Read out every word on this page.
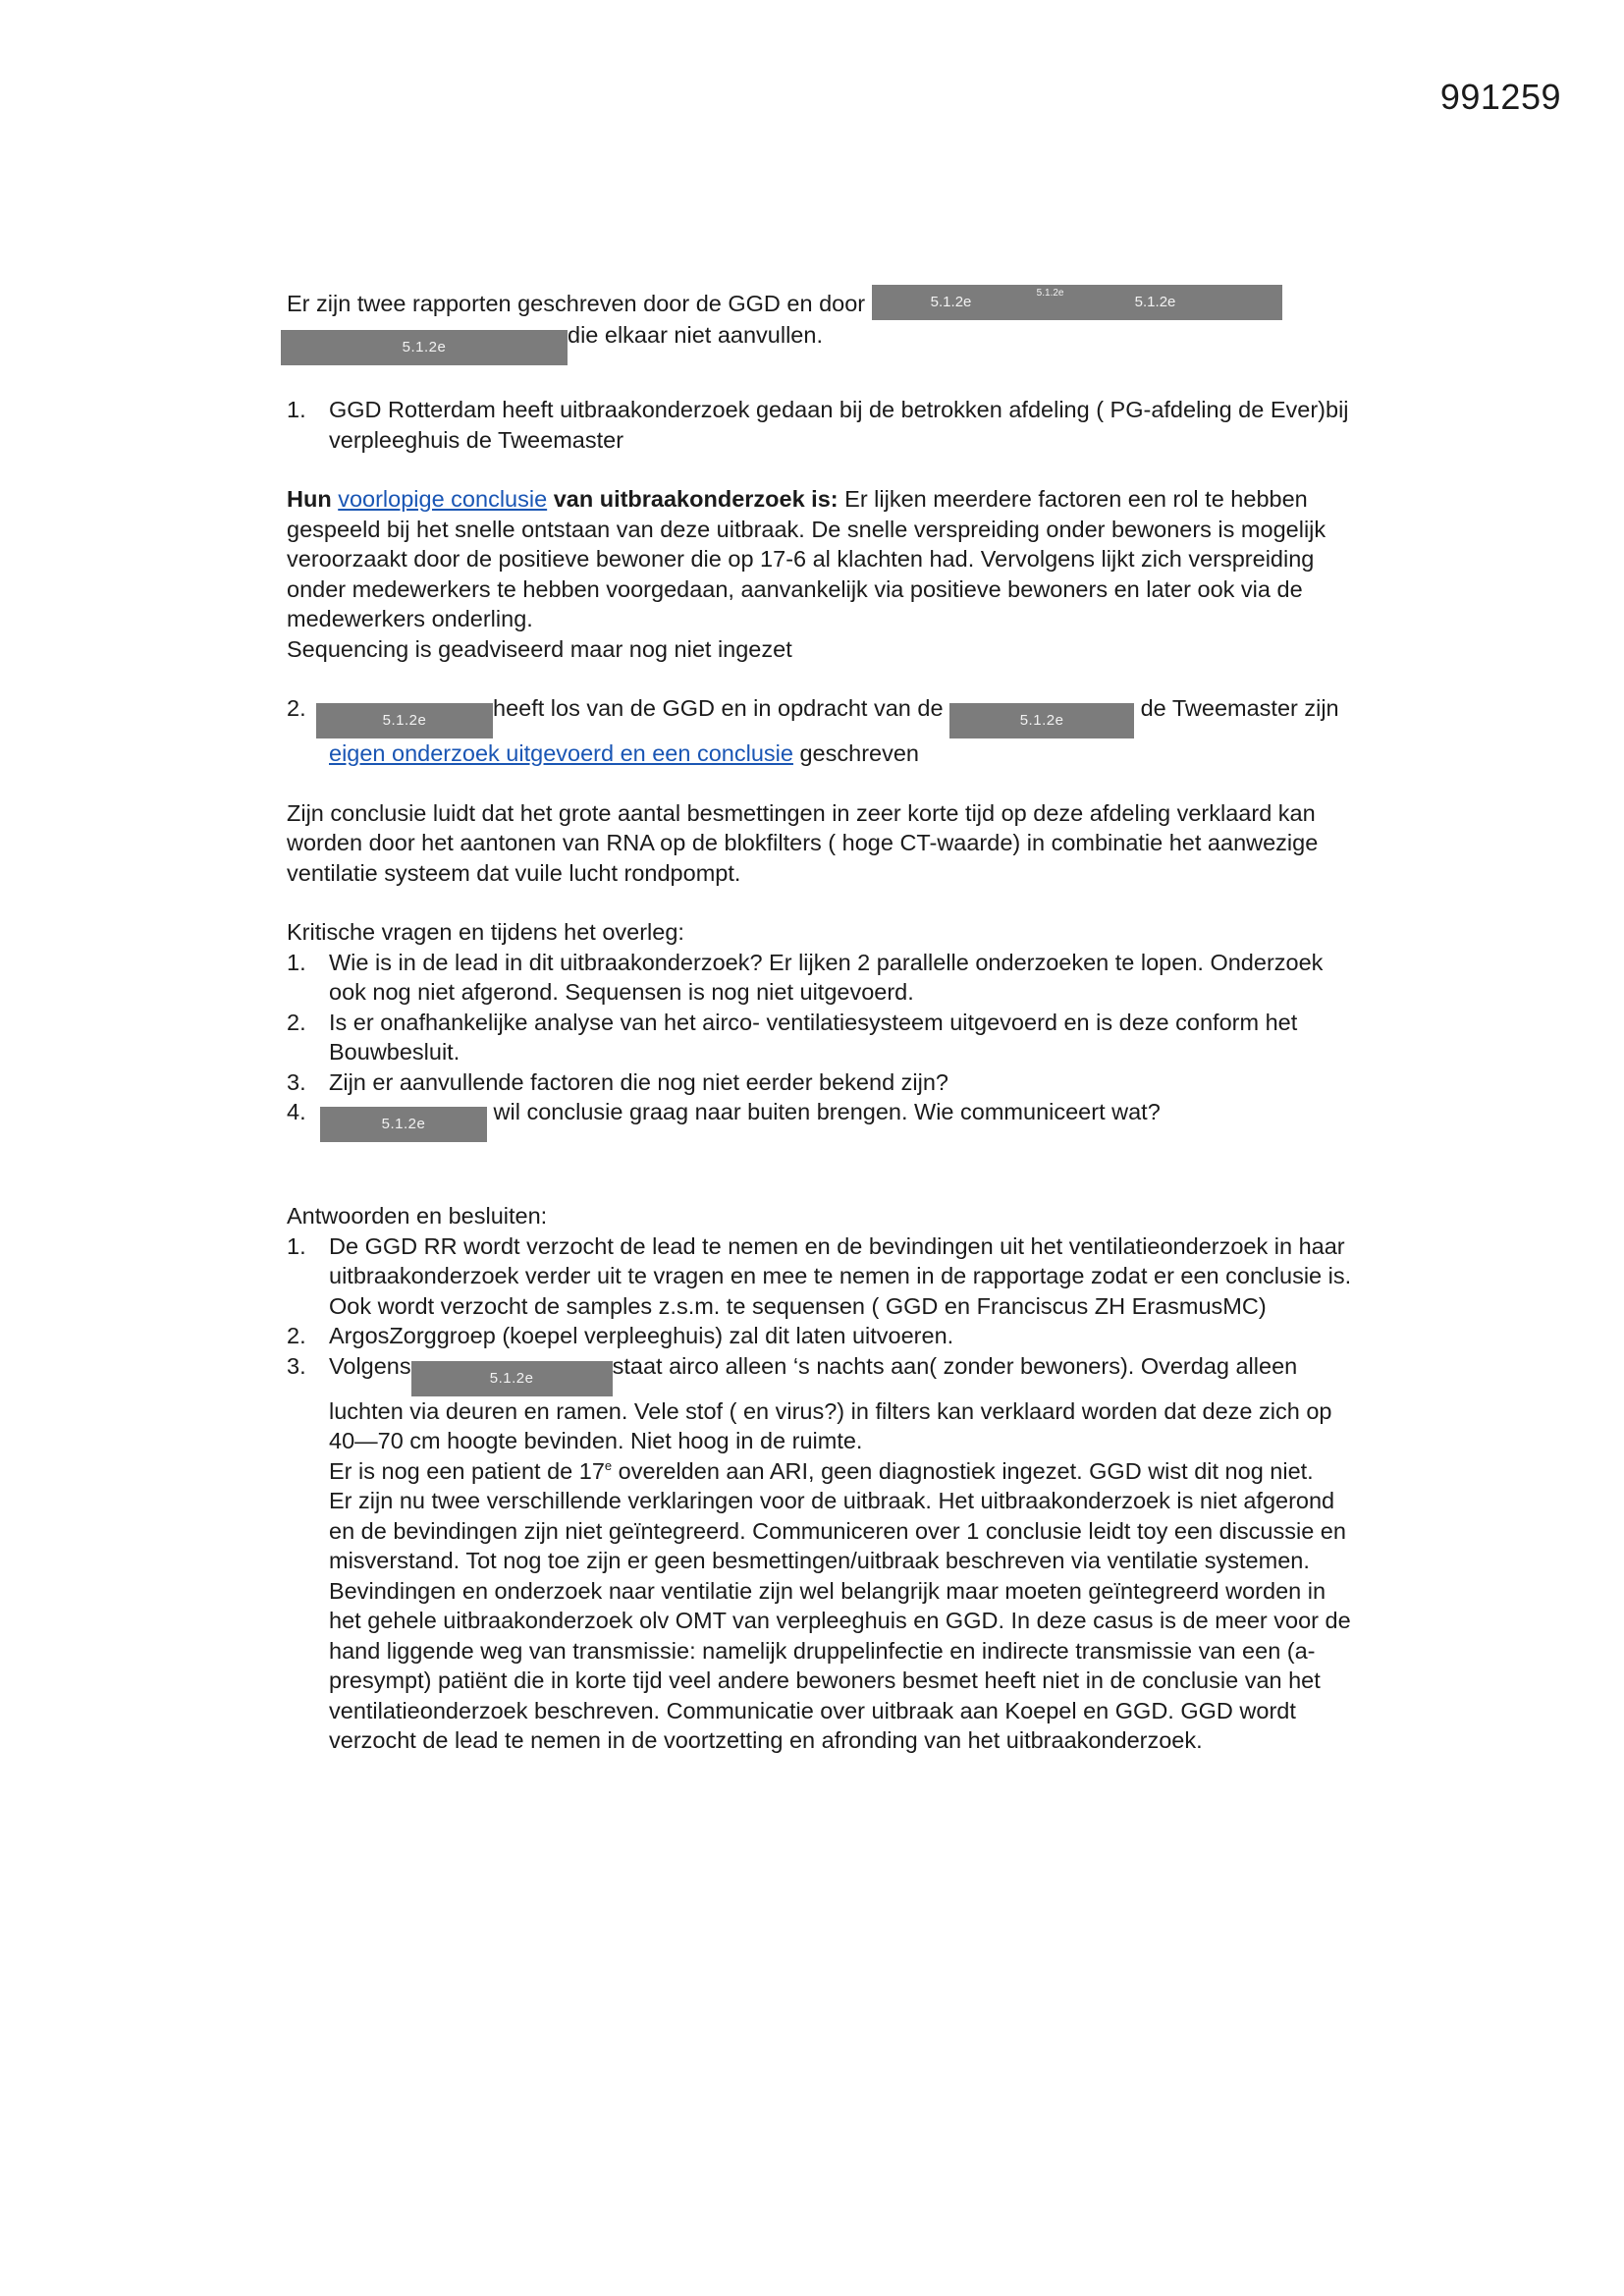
991259

Er zijn twee rapporten geschreven door de GGD en door	5.1.2e
5.1.2e
5.1.2e

5.1.2e	die elkaar niet aanvullen.

1. GGD Rotterdam heeft uitbraakonderzoek gedaan bij de betrokken afdeling ( PG-afdeling de Ever)bij verpleeghuis de Tweemaster

Hun voorlopige conclusie van uitbraakonderzoek is: Er lijken meerdere factoren een rol te hebben gespeeld bij het snelle ontstaan van deze uitbraak. De snelle verspreiding onder bewoners is mogelijk veroorzaakt door de positieve bewoner die op 17-6 al klachten had. Vervolgens lijkt zich verspreiding onder medewerkers te hebben voorgedaan, aanvankelijk via positieve bewoners en later ook via de medewerkers onderling.
Sequencing is geadviseerd maar nog niet ingezet

2.	5.1.2e	heeft los van de GGD en in opdracht van de	5.1.2e	de Tweemaster zijn eigen onderzoek uitgevoerd en een conclusie geschreven

Zijn conclusie luidt dat het grote aantal besmettingen in zeer korte tijd op deze afdeling verklaard kan worden door het aantonen van RNA op de blokfilters ( hoge CT-waarde) in combinatie het aanwezige ventilatie systeem dat vuile lucht rondpompt.

Kritische vragen en tijdens het overleg:

1. Wie is in de lead in dit uitbraakonderzoek? Er lijken 2 parallelle onderzoeken te lopen. Onderzoek ook nog niet afgerond. Sequensen is nog niet uitgevoerd.
2. Is er onafhankelijke analyse van het airco- ventilatiesysteem uitgevoerd en is deze conform het Bouwbesluit.
3. Zijn er aanvullende factoren die nog niet eerder bekend zijn?
4.	5.1.2e	wil conclusie graag naar buiten brengen. Wie communiceert wat?

Antwoorden en besluiten:

1. De GGD RR wordt verzocht de lead te nemen en de bevindingen uit het ventilatieonderzoek in haar uitbraakonderzoek verder uit te vragen en mee te nemen in de rapportage zodat er een conclusie is. Ook wordt verzocht de samples z.s.m. te sequensen ( GGD en Franciscus ZH ErasmusMC)
2. ArgosZorggroep (koepel verpleeghuis) zal dit laten uitvoeren.
3. Volgens	5.1.2e	staat airco alleen ‘s nachts aan( zonder bewoners). Overdag alleen luchten via deuren en ramen. Vele stof ( en virus?) in filters kan verklaard worden dat deze zich op 40—70 cm hoogte bevinden. Niet hoog in de ruimte.
Er is nog een patient de 17e overelden aan ARI, geen diagnostiek ingezet. GGD wist dit nog niet.
Er zijn nu twee verschillende verklaringen voor de uitbraak. Het uitbraakonderzoek is niet afgerond en de bevindingen zijn niet geïntegreerd. Communiceren over 1 conclusie leidt toy een discussie en misverstand. Tot nog toe zijn er geen besmettingen/uitbraak beschreven via ventilatie systemen. Bevindingen en onderzoek naar ventilatie zijn wel belangrijk maar moeten geïntegreerd worden in het gehele uitbraakonderzoek olv OMT van verpleeghuis en GGD. In deze casus is de meer voor de hand liggende weg van transmissie: namelijk druppelinfectie en indirecte transmissie van een (a-presympt) patiënt die in korte tijd veel andere bewoners besmet heeft niet in de conclusie van het ventilatieonderzoek beschreven. Communicatie over uitbraak aan Koepel en GGD. GGD wordt verzocht de lead te nemen in de voortzetting en afronding van het uitbraakonderzoek.
